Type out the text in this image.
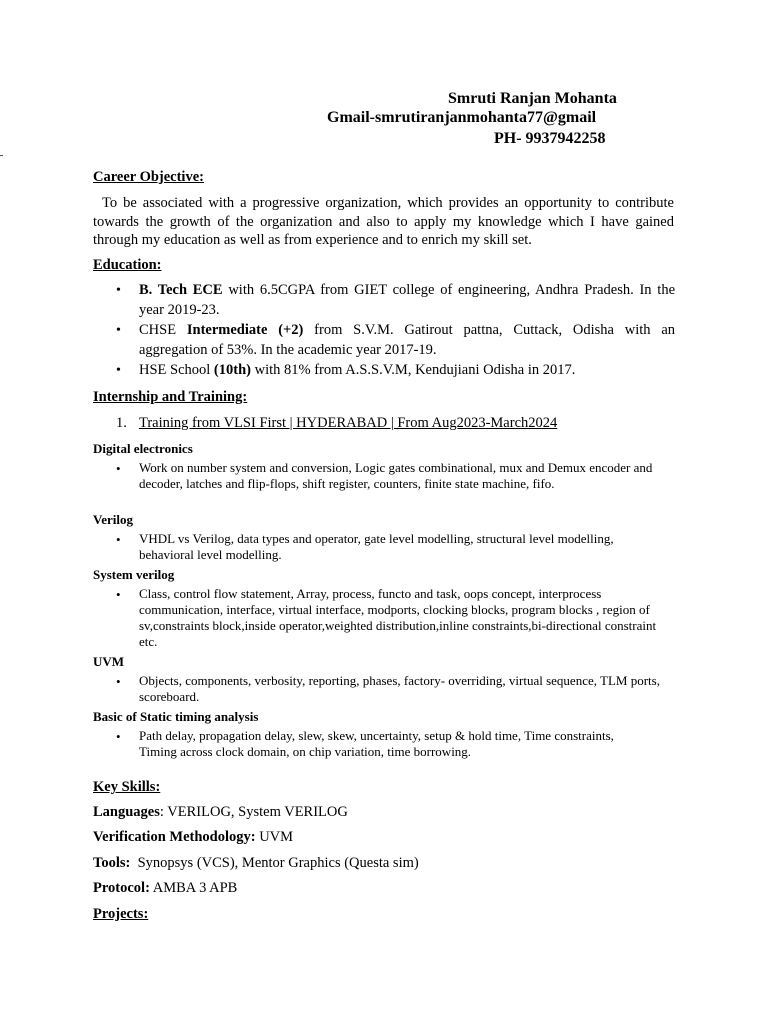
Smruti Ranjan Mohanta
Gmail-smrutiranjanmohanta77@gmail
PH- 9937942258
Career Objective:
To be associated with a progressive organization, which provides an opportunity to contribute towards the growth of the organization and also to apply my knowledge which I have gained through my education as well as from experience and to enrich my skill set.
Education:
• B. Tech ECE with 6.5CGPA from GIET college of engineering, Andhra Pradesh. In the year 2019-23.
• CHSE Intermediate (+2) from S.V.M. Gatirout pattna, Cuttack, Odisha with an aggregation of 53%. In the academic year 2017-19.
• HSE School (10th) with 81% from A.S.S.V.M, Kendujiani Odisha in 2017.
Internship and Training:
1. Training from VLSI First | HYDERABAD | From Aug2023-March2024
Digital electronics
• Work on number system and conversion, Logic gates combinational, mux and Demux encoder and decoder, latches and flip-flops, shift register, counters, finite state machine, fifo.
Verilog
• VHDL vs Verilog, data types and operator, gate level modelling, structural level modelling, behavioral level modelling.
System verilog
• Class, control flow statement, Array, process, functo and task, oops concept, interprocess communication, interface, virtual interface, modports, clocking blocks, program blocks , region of sv,constraints block,inside operator,weighted distribution,inline constraints,bi-directional constraint etc.
UVM
• Objects, components, verbosity, reporting, phases, factory- overriding, virtual sequence, TLM ports, scoreboard.
Basic of Static timing analysis
• Path delay, propagation delay, slew, skew, uncertainty, setup & hold time, Time constraints, Timing across clock domain, on chip variation, time borrowing.
Key Skills:
Languages: VERILOG, System VERILOG
Verification Methodology: UVM
Tools:  Synopsys (VCS), Mentor Graphics (Questa sim)
Protocol: AMBA 3 APB
Projects:
